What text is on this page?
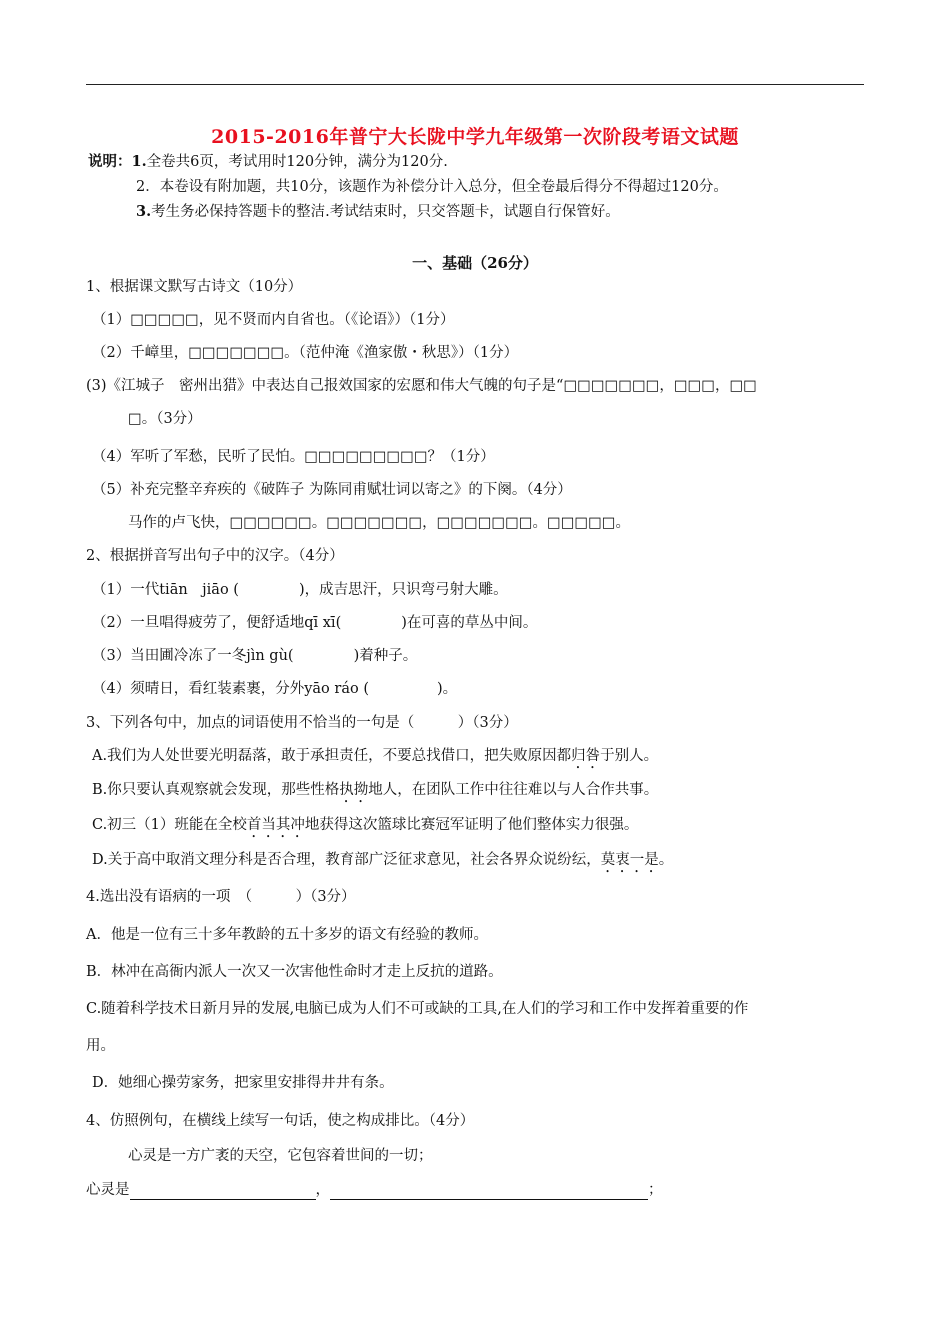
2015-2016年普宁大长陇中学九年级第一次阶段考语文试题
说明：1.全卷共6页，考试用时120分钟，满分为120分.
2．本卷设有附加题，共10分，该题作为补偿分计入总分，但全卷最后得分不得超过120分。
3.考生务必保持答题卡的整洁.考试结束时，只交答题卡，试题自行保管好。
一、基础（26分）
1、根据课文默写古诗文（10分）
（1）□□□□□，见不贤而内自省也。（《论语》）（1分）
（2）千嶂里，□□□□□□□。（范仲淹《渔家傲・秋思》）（1分）
(3)《江城子　密州出猎》中表达自己报效国家的宏愿和伟大气魄的句子是“□□□□□□□，□□□，□□
□。（3分）
（4）军听了军愁，民听了民怕。□□□□□□□□□？（1分）
（5）补充完整辛弃疾的《破阵子 为陈同甫赋壮词以寄之》的下阕。（4分）
马作的卢飞快，□□□□□□。□□□□□□□，□□□□□□□。□□□□□。
2、根据拼音写出句子中的汉字。（4分）
（1）一代tiān　jiāo (	)，成吉思汗，只识弯弓射大雕。
（2）一旦唱得疲劳了，便舒适地qī xī(	)在可喜的草丛中间。
（3）当田圃冷冻了一冬jìn gù(	)着种子。
（4）须晴日，看红装素裹，分外yāo ráo (	)。
3、下列各句中，加点的词语使用不恰当的一句是（　　　）（3分）
A.我们为人处世要光明磊落，敢于承担责任，不要总找借口，把失败原因都归咎于别人。
B.你只要认真观察就会发现，那些性格执拗地人，在团队工作中往往难以与人合作共事。
C.初三（1）班能在全校首当其冲地获得这次篮球比赛冠军证明了他们整体实力很强。
D.关于高中取消文理分科是否合理，教育部广泛征求意见，社会各界众说纷纭，莫衷一是。
4.选出没有语病的一项　（　　　）（3分）
A．他是一位有三十多年教龄的五十多岁的语文有经验的教师。
B．林冲在高衙内派人一次又一次害他性命时才走上反抗的道路。
C.随着科学技术日新月异的发展,电脑已成为人们不可或缺的工具,在人们的学习和工作中发挥着重要的作
用。
D．她细心操劳家务，把家里安排得井井有条。
4、仿照例句，在横线上续写一句话，使之构成排比。（4分）
心灵是一方广袤的天空，它包容着世间的一切；
心灵是	，	；
